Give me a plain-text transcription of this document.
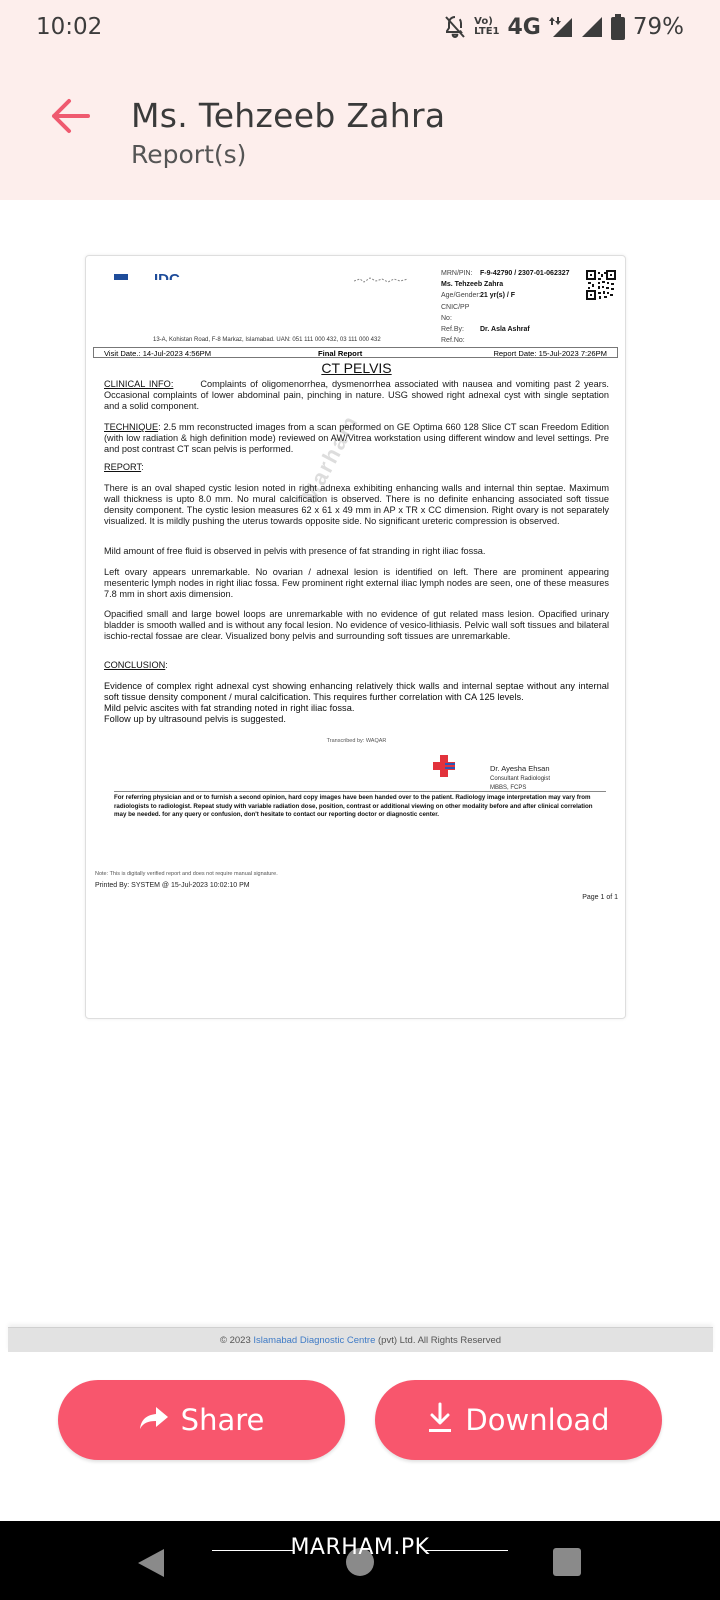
10:02	Vo)
LTE1 4G	79%
Ms. Tehzeeb Zahra
Report(s)
IDC	MRN/PIN: F-9-42790 / 2307-01-062327
Ms. Tehzeeb Zahra
Age/Gender:21 yr(s) / F
CNIC/PP No:
Ref.By: Dr. Asla Ashraf
Ref.No:
13-A, Kohistan Road, F-8 Markaz, Islamabad. UAN: 051 111 000 432, 03 111 000 432
Visit Date.: 14-Jul-2023 4:56PM	Final Report	Report Date: 15-Jul-2023 7:26PM
CT PELVIS
Marham
CLINICAL INFO:	Complaints of oligomenorrhea, dysmenorrhea associated with nausea and vomiting past 2 years. Occasional complaints of lower abdominal pain, pinching in nature. USG showed right adnexal cyst with single septation and a solid component.
TECHNIQUE: 2.5 mm reconstructed images from a scan performed on GE Optima 660 128 Slice CT scan Freedom Edition (with low radiation & high definition mode) reviewed on AW/Vitrea workstation using different window and level settings. Pre and post contrast CT scan pelvis is performed.
REPORT:
There is an oval shaped cystic lesion noted in right adnexa exhibiting enhancing walls and internal thin septae. Maximum wall thickness is upto 8.0 mm. No mural calcification is observed. There is no definite enhancing associated soft tissue density component. The cystic lesion measures 62 x 61 x 49 mm in AP x TR x CC dimension. Right ovary is not separately visualized. It is mildly pushing the uterus towards opposite side. No significant ureteric compression is observed.
Mild amount of free fluid is observed in pelvis with presence of fat stranding in right iliac fossa.
Left ovary appears unremarkable. No ovarian / adnexal lesion is identified on left. There are prominent appearing mesenteric lymph nodes in right iliac fossa. Few prominent right external iliac lymph nodes are seen, one of these measures 7.8 mm in short axis dimension.
Opacified small and large bowel loops are unremarkable with no evidence of gut related mass lesion. Opacified urinary bladder is smooth walled and is without any focal lesion. No evidence of vesico-lithiasis. Pelvic wall soft tissues and bilateral ischio-rectal fossae are clear. Visualized bony pelvis and surrounding soft tissues are unremarkable.
CONCLUSION:
Evidence of complex right adnexal cyst showing enhancing relatively thick walls and internal septae without any internal soft tissue density component / mural calcification. This requires further correlation with CA 125 levels.
Mild pelvic ascites with fat stranding noted in right iliac fossa.
Follow up by ultrasound pelvis is suggested.
Transcribed by: WAQAR
Dr. Ayesha Ehsan
Consultant Radiologist
MBBS, FCPS
For referring physician and or to furnish a second opinion, hard copy images have been handed over to the patient. Radiology image interpretation may vary from radiologists to radiologist. Repeat study with variable radiation dose, position, contrast or additional viewing on other modality before and after clinical correlation may be needed. for any query or confusion, don't hesitate to contact our reporting doctor or diagnostic center.
Note: This is digitally verified report and does not require manual signature.
Printed By: SYSTEM @ 15-Jul-2023 10:02:10 PM
Page 1 of 1
© 2023 Islamabad Diagnostic Centre (pvt) Ltd. All Rights Reserved
Share	Download
MARHAM.PK
